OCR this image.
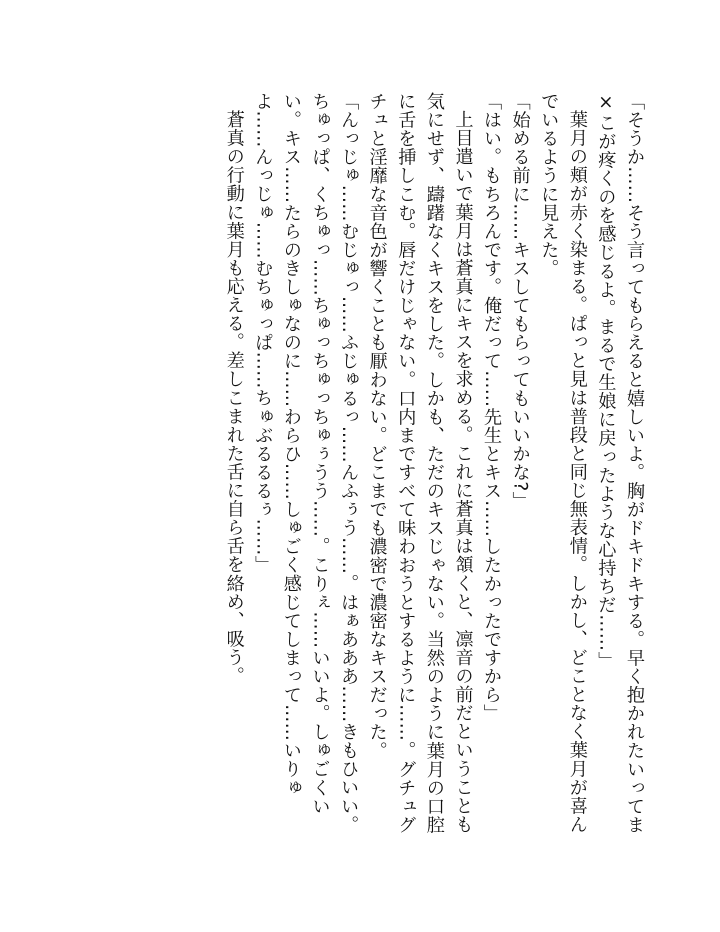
「そうか……そう言ってもらえると嬉しいよ。胸がドキドキする。早く抱かれたいってま×こが疼くのを感じるよ。まるで生娘に戻ったような心持ちだ……」

葉月の頬が赤く染まる。ぱっと見は普段と同じ無表情。しかし、どことなく葉月が喜んでいるように見えた。

「始める前に……キスしてもらってもいいかな?」

「はい。もちろんです。俺だって……先生とキス……したかったですから」

上目遣いで葉月は蒼真にキスを求める。これに蒼真は頷くと、凛音の前だということも気にせず、躊躇なくキスをした。しかも、ただのキスじゃない。当然のように葉月の口腔に舌を挿しこむ。唇だけじゃない。口内まですべて味わおうとするように……。グチュグチュと淫靡な音色が響くことも厭わない。どこまでも濃密で濃密なキスだった。

「んっじゅ……むじゅっ……ふじゅるっ……んふぅう……。はぁあああ……きもひいい。ちゅっぱ、くちゅっ……ちゅっちゅっちゅぅうう……。こりぇ……いいよ。しゅごくいい。キス……たらのきしゅなのに……わらひ……しゅごく感じてしまって……いりゅよ……んっじゅ……むちゅっぱ……ちゅぶるるるぅ……」

蒼真の行動に葉月も応える。差しこまれた舌に自ら舌を絡め、吸う。
